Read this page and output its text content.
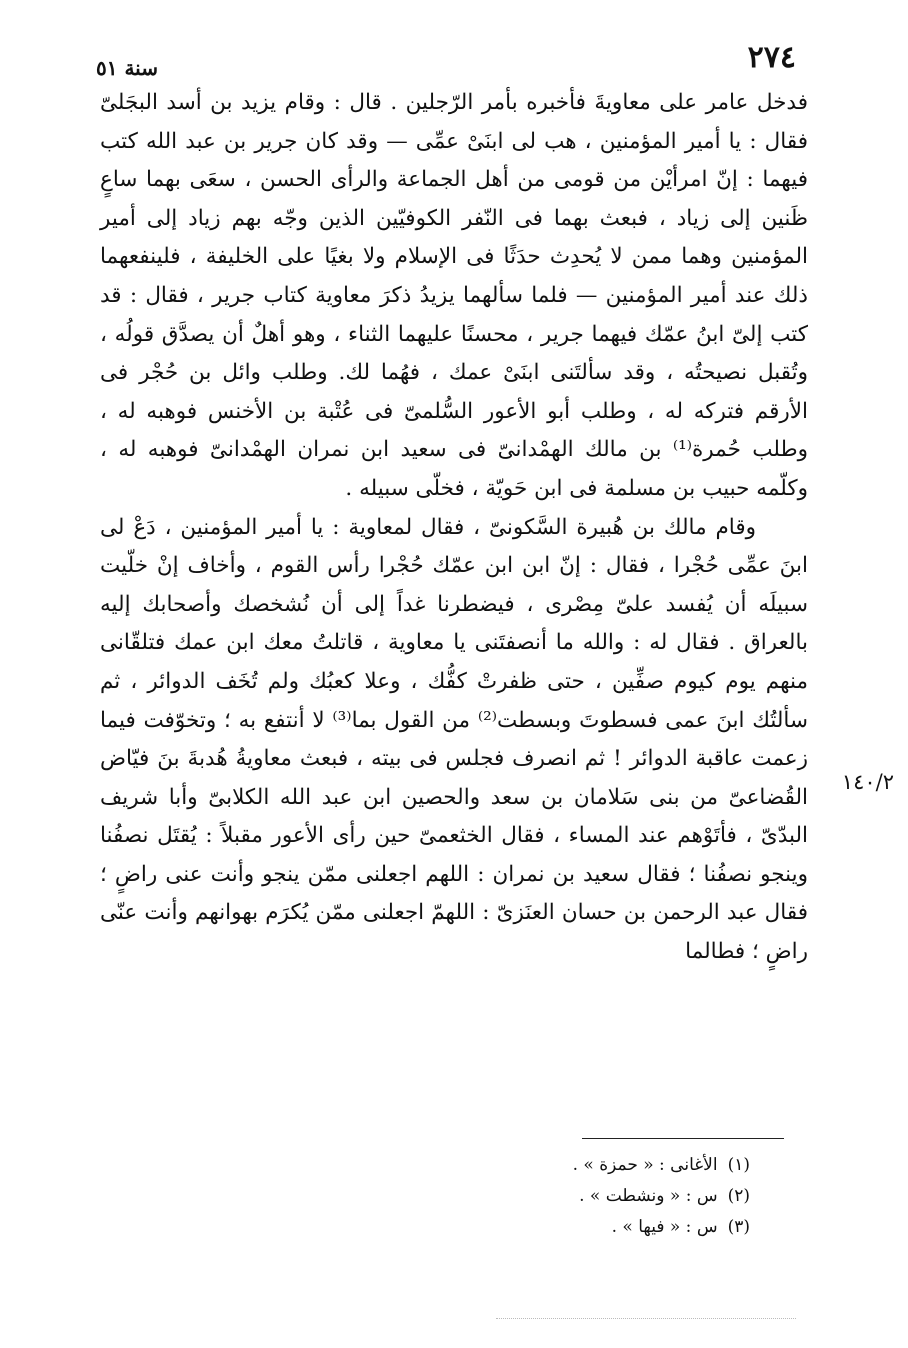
٢٧٤
سنة ٥١

فدخل عامر على معاويةَ فأخبره بأمر الرّجلين . قال : وقام يزيد بن أسد البجَلىّ فقال : يا أمير المؤمنين ، هب لى ابنَىْ عمِّى — وقد كان جرير بن عبد الله كتب فيهما : إنّ امرأيْن من قومى من أهل الجماعة والرأى الحسن ، سعَى بهما ساعٍ ظَنين إلى زياد ، فبعث بهما فى النّفر الكوفيّين الذين وجّه بهم زياد إلى أمير المؤمنين وهما ممن لا يُحدِث حدَثًا فى الإسلام ولا بغيًا على الخليفة ، فلينفعهما ذلك عند أمير المؤمنين — فلما سألهما يزيدُ ذكرَ معاوية كتاب جرير ، فقال : قد كتب إلىّ ابنُ عمّك فيهما جرير ، محسنًا عليهما الثناء ، وهو أهلٌ أن يصدَّق قولُه ، وتُقبل نصيحتُه ، وقد سألتَنى ابنَىْ عمك ، فهُما لك. وطلب وائل بن حُجْر فى الأرقم فتركه له ، وطلب أبو الأعور السُّلمىّ فى عُتْبة بن الأخنس فوهبه له ، وطلب حُمرة⁽¹⁾ بن مالك الهمْدانىّ فى سعيد ابن نمران الهمْدانىّ فوهبه له ، وكلّمه حبيب بن مسلمة فى ابن حَويّة ، فخلّى سبيله .

وقام مالك بن هُبيرة السَّكونىّ ، فقال لمعاوية : يا أمير المؤمنين ، دَعْ لى ابنَ عمِّى حُجْرا ، فقال : إنّ ابن ابن عمّك حُجْرا رأس القوم ، وأخاف إنْ خلّيت سبيلَه أن يُفسد علىّ مِصْرى ، فيضطرنا غداً إلى أن نُشخصك وأصحابك إليه بالعراق . فقال له : والله ما أنصفتَنى يا معاوية ، قاتلتُ معك ابن عمك فتلقّانى منهم يوم كيوم صفِّين ، حتى ظفرتْ كفُّك ، وعلا كعبُك ولم تُخَف الدوائر ، ثم سألتُك ابنَ عمى فسطوتَ وبسطت⁽²⁾ من القول بما⁽³⁾ لا أنتفع به ؛ وتخوّفت فيما زعمت عاقبة الدوائر ! ثم انصرف فجلس فى بيته ، فبعث معاويةُ هُدبةَ بنَ فيّاض القُضاعىّ من بنى سَلامان بن سعد والحصين ابن عبد الله الكلابىّ وأبا شريف البدّىّ ، فأتَوْهم عند المساء ، فقال الخثعمىّ حين رأى الأعور مقبلاً : يُقتَل نصفُنا وينجو نصفُنا ؛ فقال سعيد بن نمران : اللهم اجعلنى ممّن ينجو وأنت عنى راضٍ ؛ فقال عبد الرحمن بن حسان العنَزىّ : اللهمّ اجعلنى ممّن يُكرَم بهوانهم وأنت عنّى راضٍ ؛ فطالما

١٤٠/٢
(١)الأغانى : « حمزة » .
(٢)س : « ونشطت » .
(٣)س : « فيها » .
